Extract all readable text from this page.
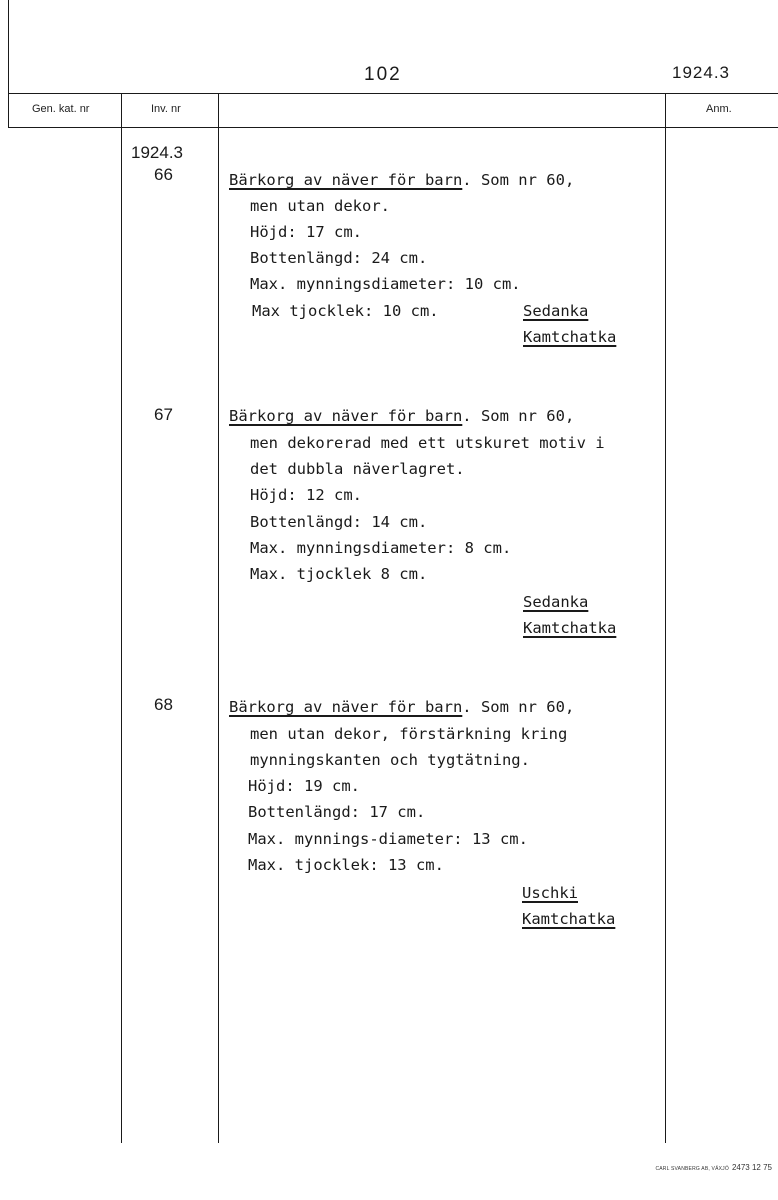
102	1924.3
Gen. kat. nr	Inv. nr	Anm.
1924.3
66	Bärkorg av näver för barn. Som nr 60,
men utan dekor.
Höjd: 17 cm.
Bottenlängd: 24 cm.
Max. mynningsdiameter: 10 cm.
Max tjocklek: 10 cm.	Sedanka
Kamtchatka
67	Bärkorg av näver för barn. Som nr 60,
men dekorerad med ett utskuret motiv i
det dubbla näverlagret.
Höjd: 12 cm.
Bottenlängd: 14 cm.
Max. mynningsdiameter: 8 cm.
Max. tjocklek 8 cm.
Sedanka
Kamtchatka
68	Bärkorg av näver för barn. Som nr 60,
men utan dekor, förstärkning kring
mynningskanten och tygtätning.
Höjd: 19 cm.
Bottenlängd: 17 cm.
Max. mynnings-diameter: 13 cm.
Max. tjocklek: 13 cm.
Uschki
Kamtchatka
CARL SVANBERG AB, VÄXJÖ 2473 12 75
